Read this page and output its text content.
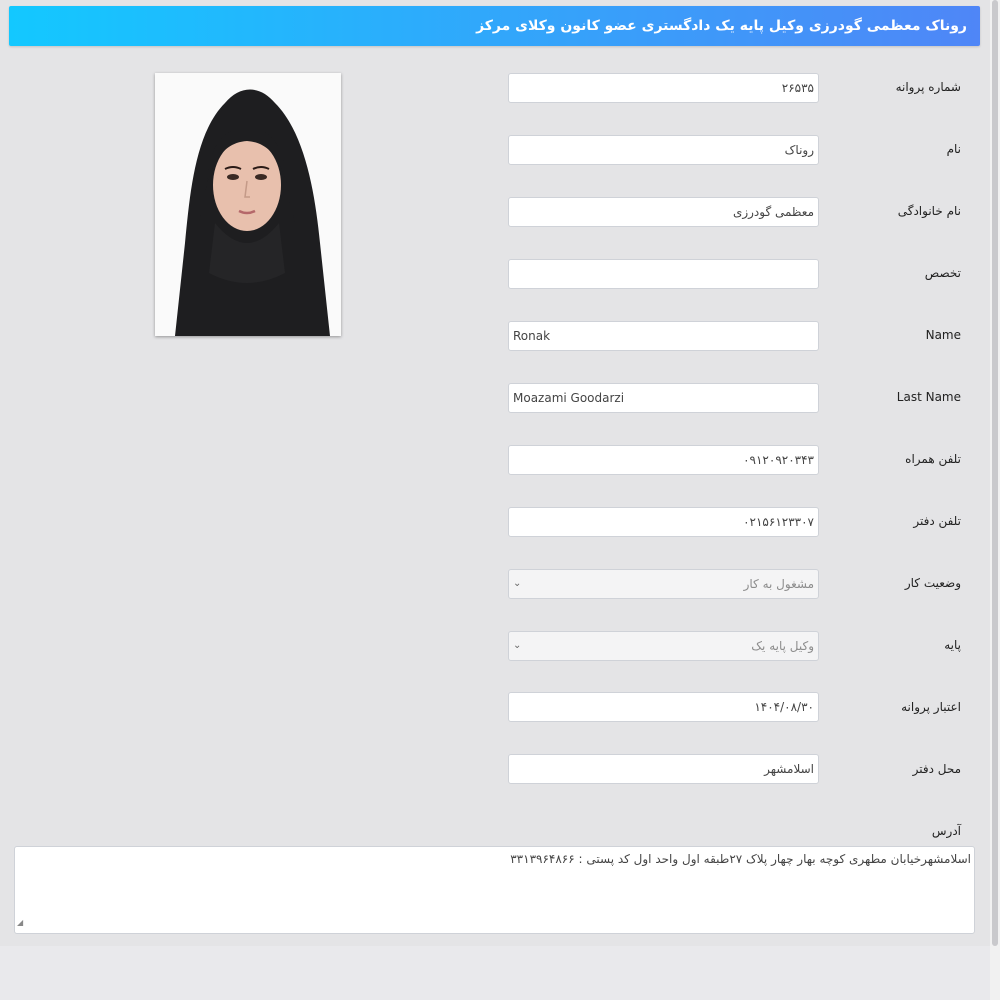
روناک معظمی گودرزی وکیل پایه یک دادگستری عضو کانون وکلای مرکز
شماره پروانه
۲۶۵۳۵
نام
روناک
نام خانوادگی
معظمی گودرزی
تخصص
Name
Ronak
Last Name
Moazami Goodarzi
تلفن همراه
۰۹۱۲۰۹۲۰۳۴۳
تلفن دفتر
۰۲۱۵۶۱۲۳۳۰۷
وضعیت کار
مشغول به کار
⌄
پایه
وکیل پایه یک
⌄
اعتبار پروانه
۱۴۰۴/۰۸/۳۰
محل دفتر
اسلامشهر
آدرس
اسلامشهرخیابان مطهری کوچه بهار چهار پلاک ۲۷طبقه اول واحد اول کد پستی : ۳۳۱۳۹۶۴۸۶۶
◢
